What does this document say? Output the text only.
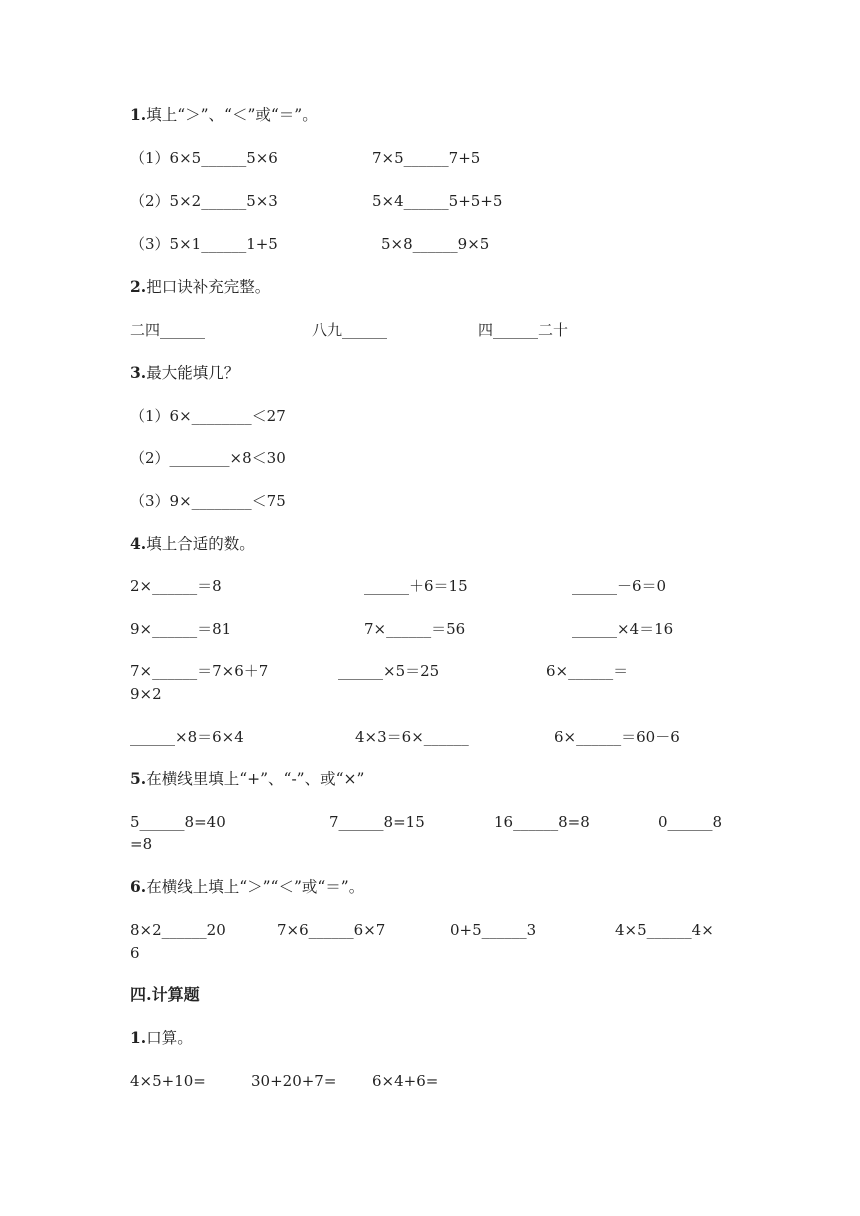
1.填上“＞”、“＜”或“＝”。
（1）6×5______5×6	7×5______7+5
（2）5×2______5×3	5×4______5+5+5
（3）5×1______1+5	5×8______9×5
2.把口诀补充完整。
二四______	八九______	四______二十
3.最大能填几？
（1）6×________＜27
（2）________×8＜30
（3）9×________＜75
4.填上合适的数。
2×______＝8	______＋6＝15	______－6＝0
9×______＝81	7×______＝56	______×4＝16
7×______＝7×6＋7	______×5＝25	6×______＝
9×2
______×8＝6×4	4×3＝6×______	6×______＝60－6
5.在横线里填上“+”、“-”、或“×”
5______8=40	7______8=15	16______8=8	0______8
=8
6.在横线上填上“＞”“＜”或“＝”。
8×2______20	7×6______6×7	0+5______3	4×5______4×
6
四.计算题
1.口算。
4×5+10=	30+20+7= 6×4+6=
